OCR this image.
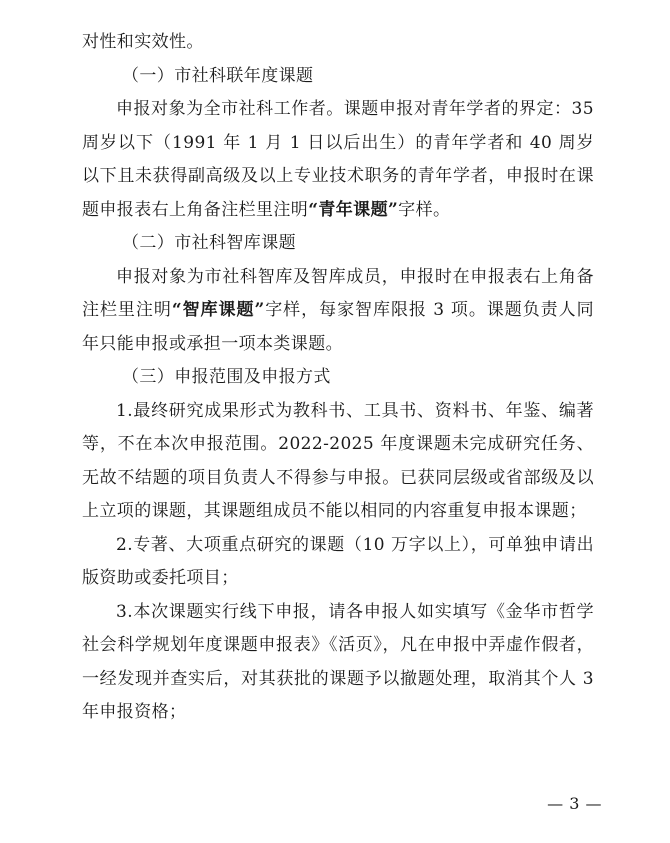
对性和实效性。

（一）市社科联年度课题

申报对象为全市社科工作者。课题申报对青年学者的界定：35 周岁以下（1991 年 1 月 1 日以后出生）的青年学者和 40 周岁以下且未获得副高级及以上专业技术职务的青年学者，申报时在课题申报表右上角备注栏里注明“青年课题”字样。

（二）市社科智库课题

申报对象为市社科智库及智库成员，申报时在申报表右上角备注栏里注明“智库课题”字样，每家智库限报 3 项。课题负责人同年只能申报或承担一项本类课题。

（三）申报范围及申报方式

1.最终研究成果形式为教科书、工具书、资料书、年鉴、编著等，不在本次申报范围。2022-2025 年度课题未完成研究任务、无故不结题的项目负责人不得参与申报。已获同层级或省部级及以上立项的课题，其课题组成员不能以相同的内容重复申报本课题；

2.专著、大项重点研究的课题（10 万字以上），可单独申请出版资助或委托项目；

3.本次课题实行线下申报，请各申报人如实填写《金华市哲学社会科学规划年度课题申报表》《活页》，凡在申报中弄虚作假者，一经发现并查实后，对其获批的课题予以撤题处理，取消其个人 3 年申报资格；

— 3 —
